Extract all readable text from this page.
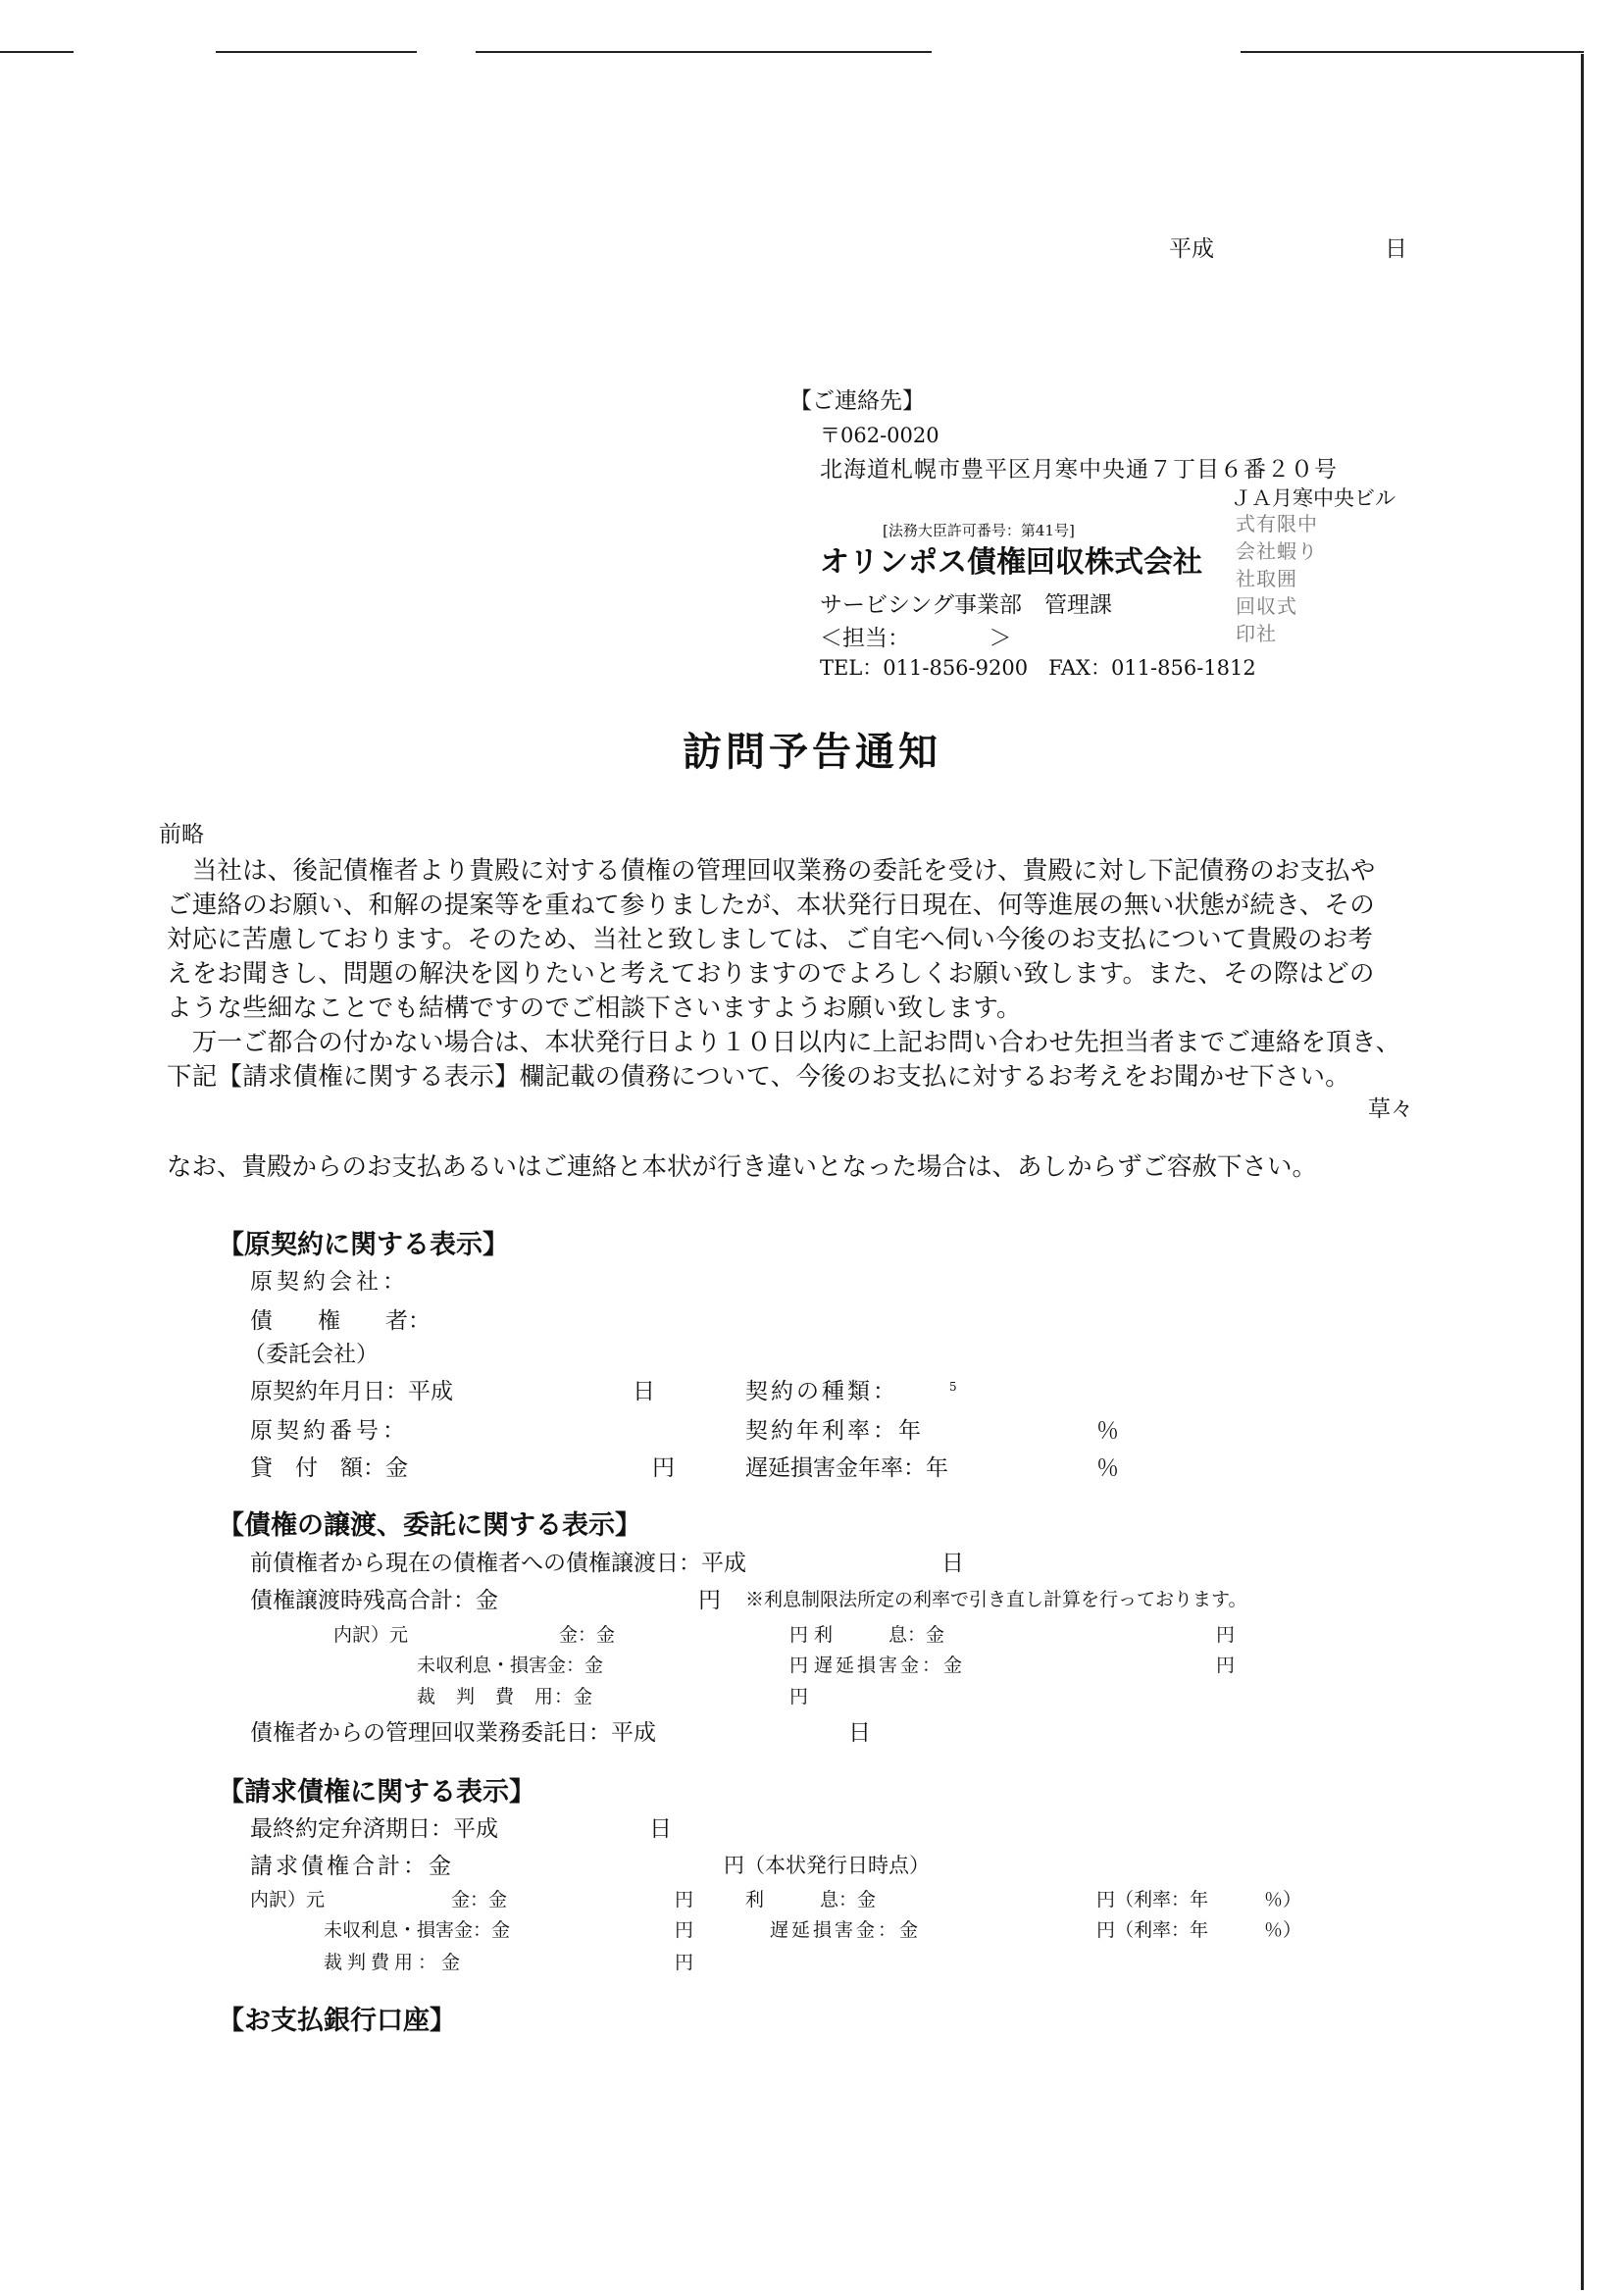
平成	日
【ご連絡先】
〒062-0020
北海道札幌市豊平区月寒中央通７丁目６番２０号
ＪＡ月寒中央ビル
[法務大臣許可番号：第41号]
オリンポス債権回収株式会社
サービシング事業部　管理課
＜担当：　　　　＞
TEL：011-856-9200　FAX：011-856-1812
式有限中
会社蝦り
社取囲
回収式
印社
訪問予告通知
前略
　当社は、後記債権者より貴殿に対する債権の管理回収業務の委託を受け、貴殿に対し下記債務のお支払や
ご連絡のお願い、和解の提案等を重ねて参りましたが、本状発行日現在、何等進展の無い状態が続き、その
対応に苦慮しております。そのため、当社と致しましては、ご自宅へ伺い今後のお支払について貴殿のお考
えをお聞きし、問題の解決を図りたいと考えておりますのでよろしくお願い致します。また、その際はどの
ような些細なことでも結構ですのでご相談下さいますようお願い致します。
　万一ご都合の付かない場合は、本状発行日より１０日以内に上記お問い合わせ先担当者までご連絡を頂き、
下記【請求債権に関する表示】欄記載の債務について、今後のお支払に対するお考えをお聞かせ下さい。
草々
なお、貴殿からのお支払あるいはご連絡と本状が行き違いとなった場合は、あしからずご容赦下さい。
【原契約に関する表示】
原契約会社：
債　　権　　者：
（委託会社）
原契約年月日：平成	日	契約の種類：	5
原契約番号：	契約年利率：年	％
貸　付　額：金	円	遅延損害金年率：年	％
【債権の譲渡、委託に関する表示】
前債権者から現在の債権者への債権譲渡日：平成	日
債権譲渡時残高合計：金	円 ※利息制限法所定の利率で引き直し計算を行っております。
内訳）元	金：金	円 利　　　息：金	円
未収利息・損害金：金	円 遅延損害金：金	円
裁　判　費　用：金	円
債権者からの管理回収業務委託日：平成	日
【請求債権に関する表示】
最終約定弁済期日：平成	日
請求債権合計：金	円（本状発行日時点）
内訳）元	金：金	円	利　　　息：金	円（利率：年　　　％）
未収利息・損害金：金	円	遅延損害金：金	円（利率：年　　　％）
裁判費用：金	円
【お支払銀行口座】
